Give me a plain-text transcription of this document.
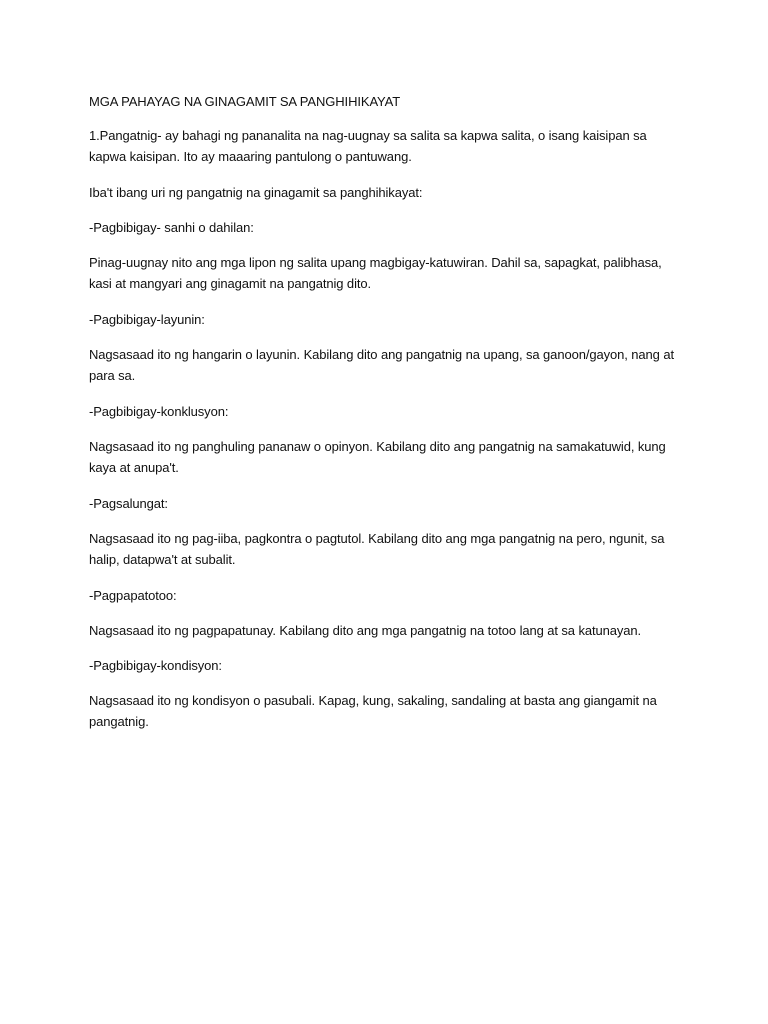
MGA PAHAYAG NA GINAGAMIT SA PANGHIHIKAYAT

1.Pangatnig- ay bahagi ng pananalita na nag-uugnay sa salita sa kapwa salita, o isang kaisipan sa kapwa kaisipan. Ito ay maaaring pantulong o pantuwang.

Iba't ibang uri ng pangatnig na ginagamit sa panghihikayat:

-Pagbibigay- sanhi o dahilan:

Pinag-uugnay nito ang mga lipon ng salita upang magbigay-katuwiran. Dahil sa, sapagkat, palibhasa, kasi at mangyari ang ginagamit na pangatnig dito.

-Pagbibigay-layunin:

Nagsasaad ito ng hangarin o layunin. Kabilang dito ang pangatnig na upang, sa ganoon/gayon, nang at para sa.

-Pagbibigay-konklusyon:

Nagsasaad ito ng panghuling pananaw o opinyon. Kabilang dito ang pangatnig na samakatuwid, kung kaya at anupa't.

-Pagsalungat:

Nagsasaad ito ng pag-iiba, pagkontra o pagtutol. Kabilang dito ang mga pangatnig na pero, ngunit, sa halip, datapwa't at subalit.

-Pagpapatotoo:

Nagsasaad ito ng pagpapatunay. Kabilang dito ang mga pangatnig na totoo lang at sa katunayan.

-Pagbibigay-kondisyon:

Nagsasaad ito ng kondisyon o pasubali. Kapag, kung, sakaling, sandaling at basta ang giangamit na pangatnig.
